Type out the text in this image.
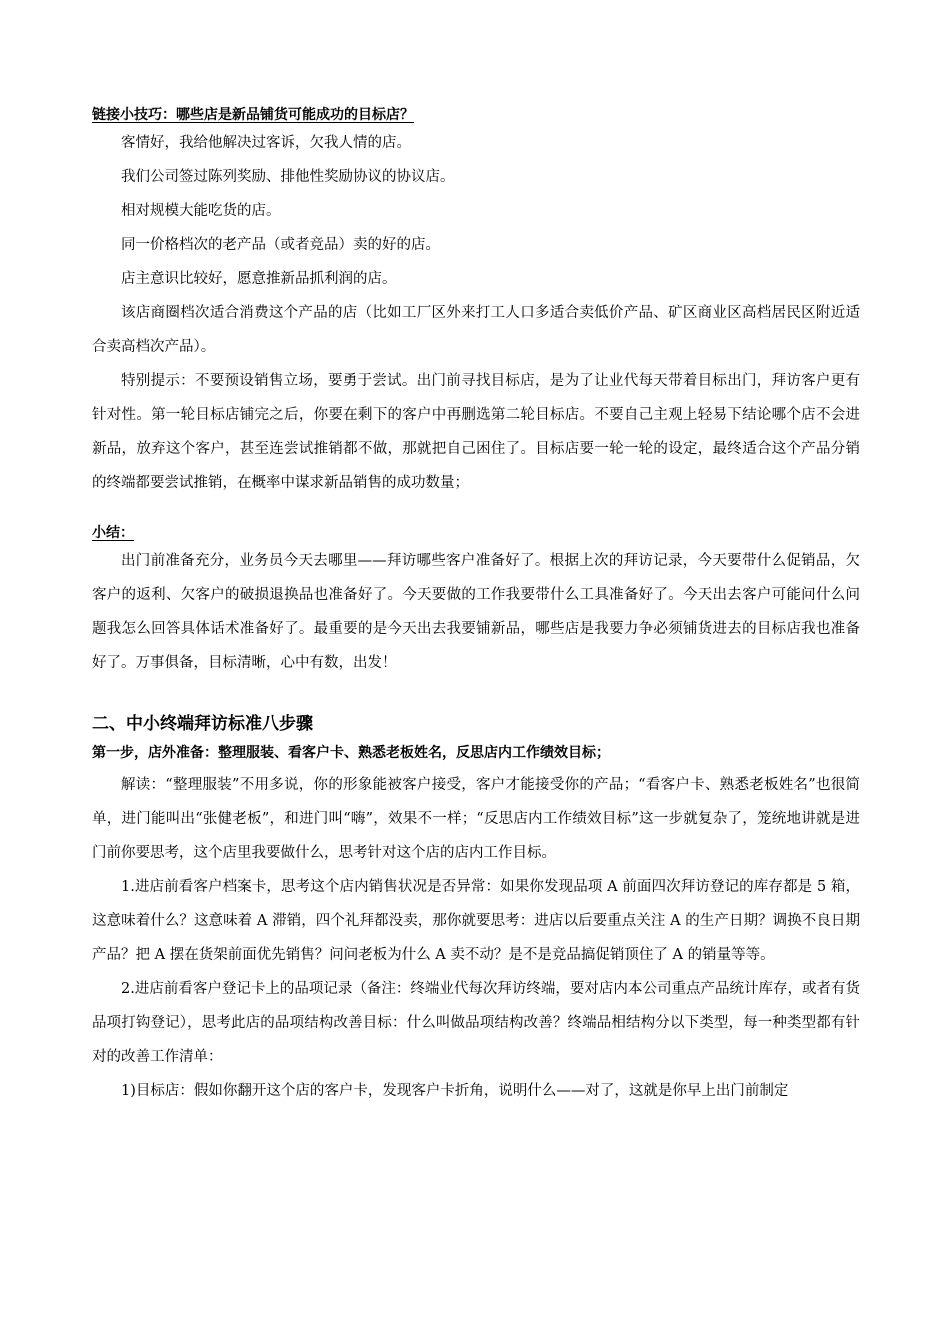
链接小技巧：哪些店是新品铺货可能成功的目标店？

客情好，我给他解决过客诉，欠我人情的店。

我们公司签过陈列奖励、排他性奖励协议的协议店。

相对规模大能吃货的店。

同一价格档次的老产品（或者竞品）卖的好的店。

店主意识比较好，愿意推新品抓利润的店。

该店商圈档次适合消费这个产品的店（比如工厂区外来打工人口多适合卖低价产品、矿区商业区高档居民区附近适合卖高档次产品）。

特别提示：不要预设销售立场，要勇于尝试。出门前寻找目标店，是为了让业代每天带着目标出门，拜访客户更有针对性。第一轮目标店铺完之后，你要在剩下的客户中再删选第二轮目标店。不要自己主观上轻易下结论哪个店不会进新品，放弃这个客户，甚至连尝试推销都不做，那就把自己困住了。目标店要一轮一轮的设定，最终适合这个产品分销的终端都要尝试推销，在概率中谋求新品销售的成功数量；

小结：

出门前准备充分，业务员今天去哪里——拜访哪些客户准备好了。根据上次的拜访记录，今天要带什么促销品，欠客户的返利、欠客户的破损退换品也准备好了。今天要做的工作我要带什么工具准备好了。今天出去客户可能问什么问题我怎么回答具体话术准备好了。最重要的是今天出去我要铺新品，哪些店是我要力争必须铺货进去的目标店我也准备好了。万事俱备，目标清晰，心中有数，出发！

二、中小终端拜访标准八步骤

第一步，店外准备：整理服装、看客户卡、熟悉老板姓名，反思店内工作绩效目标；

解读：“整理服装”不用多说，你的形象能被客户接受，客户才能接受你的产品；“看客户卡、熟悉老板姓名”也很简单，进门能叫出“张健老板”，和进门叫“嗨”，效果不一样；“反思店内工作绩效目标”这一步就复杂了，笼统地讲就是进门前你要思考，这个店里我要做什么，思考针对这个店的店内工作目标。

1.进店前看客户档案卡，思考这个店内销售状况是否异常：如果你发现品项 A 前面四次拜访登记的库存都是 5 箱，这意味着什么？这意味着 A 滞销，四个礼拜都没卖，那你就要思考：进店以后要重点关注 A 的生产日期？调换不良日期产品？把 A 摆在货架前面优先销售？问问老板为什么 A 卖不动？是不是竞品搞促销顶住了 A 的销量等等。

2.进店前看客户登记卡上的品项记录（备注：终端业代每次拜访终端，要对店内本公司重点产品统计库存，或者有货品项打钩登记），思考此店的品项结构改善目标：什么叫做品项结构改善？终端品相结构分以下类型，每一种类型都有针对的改善工作清单：

1)目标店：假如你翻开这个店的客户卡，发现客户卡折角，说明什么——对了，这就是你早上出门前制定
